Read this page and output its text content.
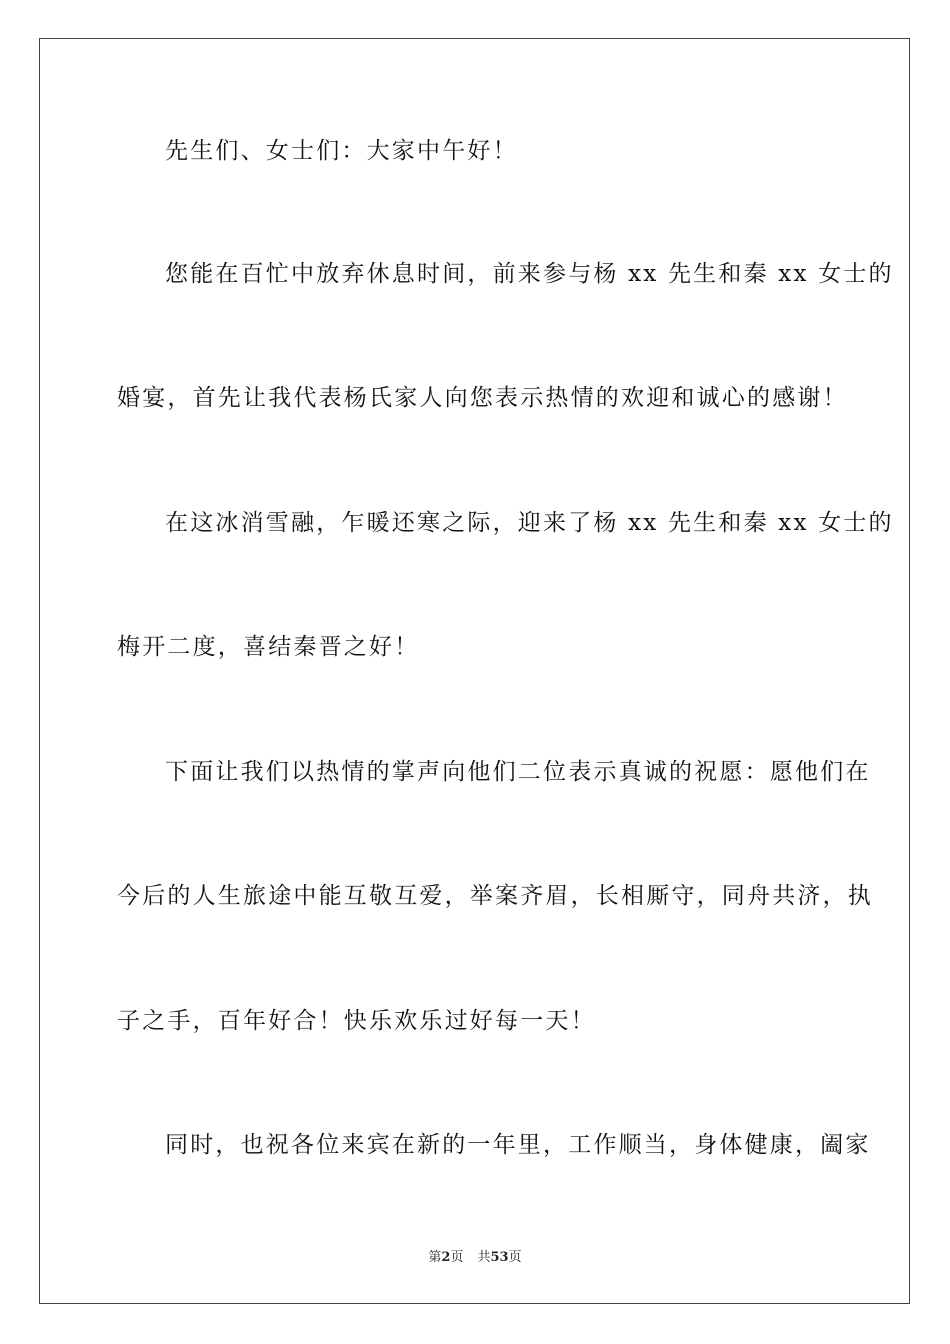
先生们、女士们：大家中午好！
您能在百忙中放弃休息时间，前来参与杨 xx 先生和秦 xx 女士的
婚宴，首先让我代表杨氏家人向您表示热情的欢迎和诚心的感谢！
在这冰消雪融，乍暖还寒之际，迎来了杨 xx 先生和秦 xx 女士的
梅开二度，喜结秦晋之好！
下面让我们以热情的掌声向他们二位表示真诚的祝愿：愿他们在
今后的人生旅途中能互敬互爱，举案齐眉，长相厮守，同舟共济，执
子之手，百年好合！快乐欢乐过好每一天！
同时，也祝各位来宾在新的一年里，工作顺当，身体健康，阖家
第2页 共53页
